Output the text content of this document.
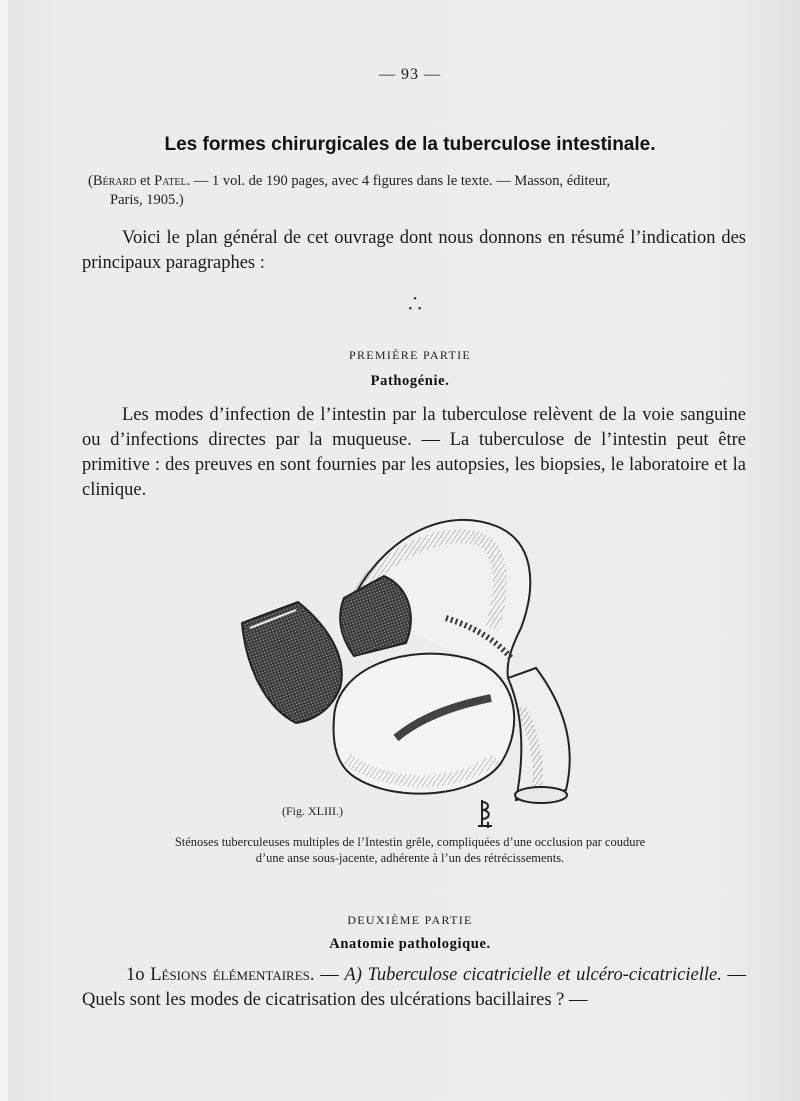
— 93 —
Les formes chirurgicales de la tuberculose intestinale.
(Bérard et Patel. — 1 vol. de 190 pages, avec 4 figures dans le texte. — Masson, éditeur,
Paris, 1905.)
Voici le plan général de cet ouvrage dont nous donnons en résumé l’indication des principaux paragraphes :
•
•  •
PREMIÈRE PARTIE
Pathogénie.
Les modes d’infection de l’intestin par la tuberculose relèvent de la voie sanguine ou d’infections directes par la muqueuse. — La tuberculose de l’intestin peut être primitive : des preuves en sont fournies par les autopsies, les biopsies, le laboratoire et la clinique.
(Fig. XLIII.)
Sténoses tuberculeuses multiples de l’Intestin grêle, compliquées d’une occlusion par coudure
d’une anse sous-jacente, adhérente à l’un des rétrécissements.
DEUXIÈME PARTIE
Anatomie pathologique.
1o Lésions élémentaires. — A) Tuberculose cicatricielle et ulcéro-cicatricielle. — Quels sont les modes de cicatrisation des ulcérations bacillaires ? —
